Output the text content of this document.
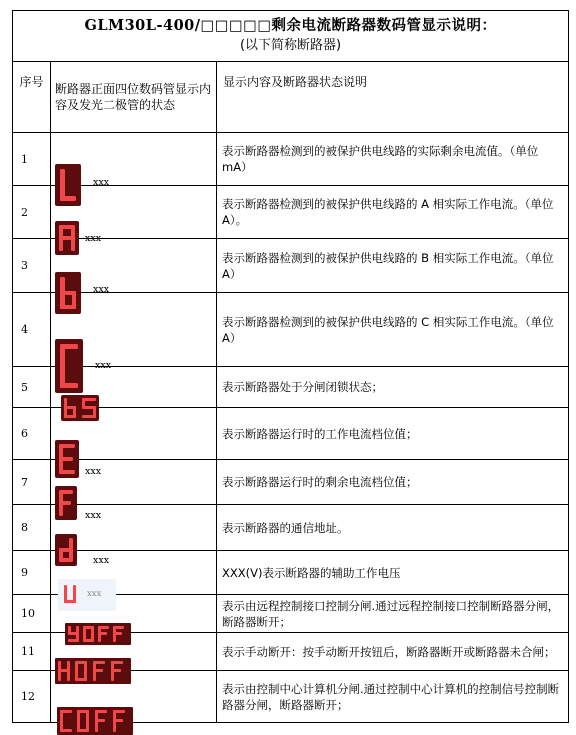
GLM30L-400/□□□□□剩余电流断路器数码管显示说明：
(以下简称断路器)		

序号	断路器正面四位数码管显示内容及发光二极管的状态	显示内容及断路器状态说明
1	xxx	表示断路器检测到的被保护供电线路的实际剩余电流值。（单位 mA）
2	xxx	表示断路器检测到的被保护供电线路的 A 相实际工作电流。（单位 A）。
3	xxx	表示断路器检测到的被保护供电线路的 B 相实际工作电流。（单位 A）
4	xxx	表示断路器检测到的被保护供电线路的 C 相实际工作电流。（单位 A）
5		表示断路器处于分闸闭锁状态；
6	xxx	表示断路器运行时的工作电流档位值；
7	xxx	表示断路器运行时的剩余电流档位值；
8	xxx	表示断路器的通信地址。
9	xxx	XXX(V)表示断路器的辅助工作电压
10		表示由远程控制接口控制分闸.通过远程控制接口控制断路器分闸，断路器断开；
11		表示手动断开：按手动断开按钮后，断路器断开或断路器未合闸；
12		表示由控制中心计算机分闸.通过控制中心计算机的控制信号控制断路器分闸，断路器断开；
